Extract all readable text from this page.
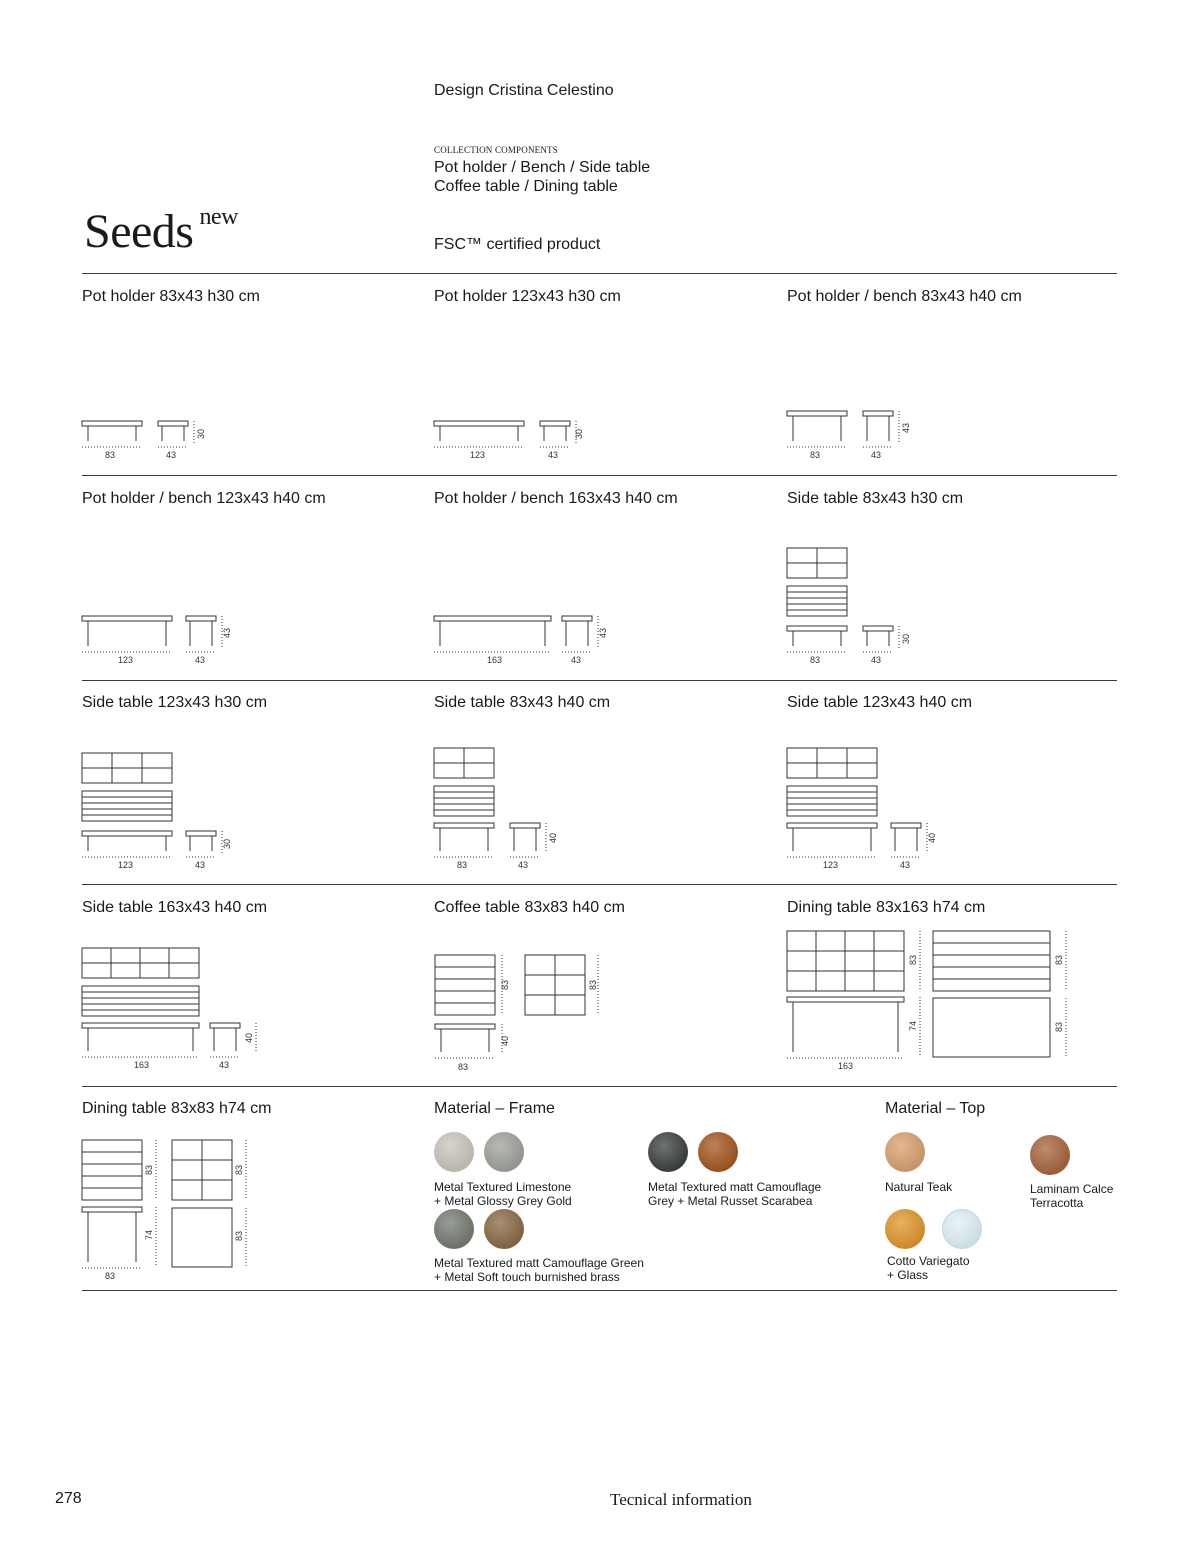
Design Cristina Celestino
COLLECTION COMPONENTS
Pot holder / Bench / Side table
Coffee table / Dining table
FSC™ certified product
Seeds $^{new}$
Pot holder 83x43 h30 cm	Pot holder 123x43 h30 cm	Pot holder / bench 83x43 h40 cm
Pot holder / bench 123x43 h40 cm	Pot holder / bench 163x43 h40 cm	Side table 83x43 h30 cm
Side table 123x43 h30 cm	Side table 83x43 h40 cm	Side table 123x43 h40 cm
Side table 163x43 h40 cm	Coffee table 83x83 h40 cm	Dining table 83x163 h74 cm
Dining table 83x83 h74 cm
83	43
30
123	43
30
83	43
43
123	43
43
163	43
43
83	43
30
123	43
30
83	43
40
123	43
40
163	43
40
83
83	83
40
163
83
74
83
83
83
83
74
83
83
Material – Frame	Material – Top
Metal Textured Limestone
+ Metal Glossy Grey Gold
Metal Textured matt Camouflage
Grey + Metal Russet Scarabea
Metal Textured matt Camouflage Green
+ Metal Soft touch burnished brass
Natural Teak	Laminam Calce
Terracotta
Cotto Variegato
+ Glass
278	Tecnical information
